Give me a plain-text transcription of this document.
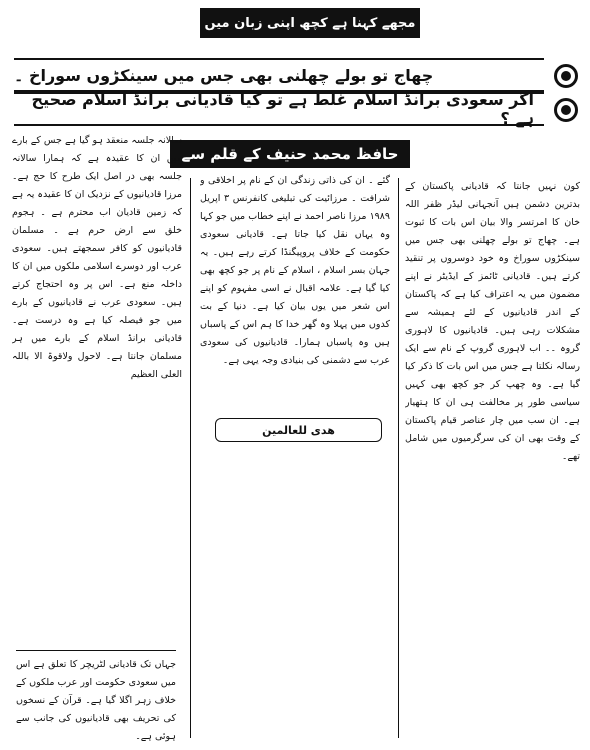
مجھے کہنا ہے کچھ اپنی زبان میں
چھاج تو بولے چھلنی بھی جس میں سینکڑوں سوراخ ۔
اگر سعودی برانڈ اسلام غلط ہے تو کیا قادیانی برانڈ اسلام صحیح ہے ؟
حافظ محمد حنیف کے قلم سے

کون نہیں جانتا کہ قادیانی پاکستان کے بدترین دشمن ہیں آنجہانی لیڈر ظفر اللہ خان کا امرتسر والا بیان اس بات کا ثبوت ہے۔ چھاج تو بولے چھلنی بھی جس میں سینکڑوں سوراخ وہ خود دوسروں پر تنقید کرتے ہیں۔ قادیانی ٹائمز کے ایڈیٹر نے اپنے مضمون میں یہ اعتراف کیا ہے کہ پاکستان کے اندر قادیانیوں کے لئے ہمیشہ سے مشکلات رہی ہیں۔ قادیانیوں کا لاہوری گروہ ۔۔ اب لاہوری گروپ کے نام سے ایک رسالہ نکلتا ہے جس میں اس بات کا ذکر کیا گیا ہے۔ وہ چھپ کر جو کچھ بھی کہیں سیاسی طور پر مخالفت ہی ان کا ہتھیار ہے۔ ان سب میں چار عناصر قیام پاکستان کے وقت بھی ان کی سرگرمیوں میں شامل تھے۔

گئے ۔ ان کی ذاتی زندگی ان کے نام پر اخلاقی و شرافت ۔ مرزائیت کی تبلیغی کانفرنس ٣ اپریل ١٩٨٩ مرزا ناصر احمد نے اپنے خطاب میں جو کہا وہ یہاں نقل کیا جاتا ہے۔ قادیانی سعودی حکومت کے خلاف پروپیگنڈا کرتے رہے ہیں۔ یہ جہان بسر اسلام ، اسلام کے نام پر جو کچھ بھی کیا گیا ہے۔ علامہ اقبال نے اسی مفہوم کو اپنے اس شعر میں یوں بیان کیا ہے۔ دنیا کے بت کدوں میں پہلا وہ گھر خدا کا ہم اس کے پاسباں ہیں وہ پاسباں ہمارا۔ قادیانیوں کی سعودی عرب سے دشمنی کی بنیادی وجہ یہی ہے۔

ھدی للعالمین

سالانہ جلسہ منعقد ہو گیا ہے جس کے بارے میں ان کا عقیدہ ہے کہ ہمارا سالانہ جلسہ بھی در اصل ایک طرح کا حج ہے۔ مرزا قادیانیوں کے نزدیک ان کا عقیدہ یہ ہے کہ زمین قادیان اب محترم ہے ۔ ہجوم خلق سے ارض حرم ہے ۔ مسلمان قادیانیوں کو کافر سمجھتے ہیں۔ سعودی عرب اور دوسرے اسلامی ملکوں میں ان کا داخلہ منع ہے۔ اس پر وہ احتجاج کرتے ہیں۔ سعودی عرب نے قادیانیوں کے بارے میں جو فیصلہ کیا ہے وہ درست ہے۔ قادیانی برانڈ اسلام کے بارے میں ہر مسلمان جانتا ہے۔ لاحول ولاقوۃ الا باللہ العلی العظیم

جہاں تک قادیانی لٹریچر کا تعلق ہے اس میں سعودی حکومت اور عرب ملکوں کے خلاف زہر اگلا گیا ہے۔ قرآن کے نسخوں کی تحریف بھی قادیانیوں کی جانب سے ہوئی ہے۔
